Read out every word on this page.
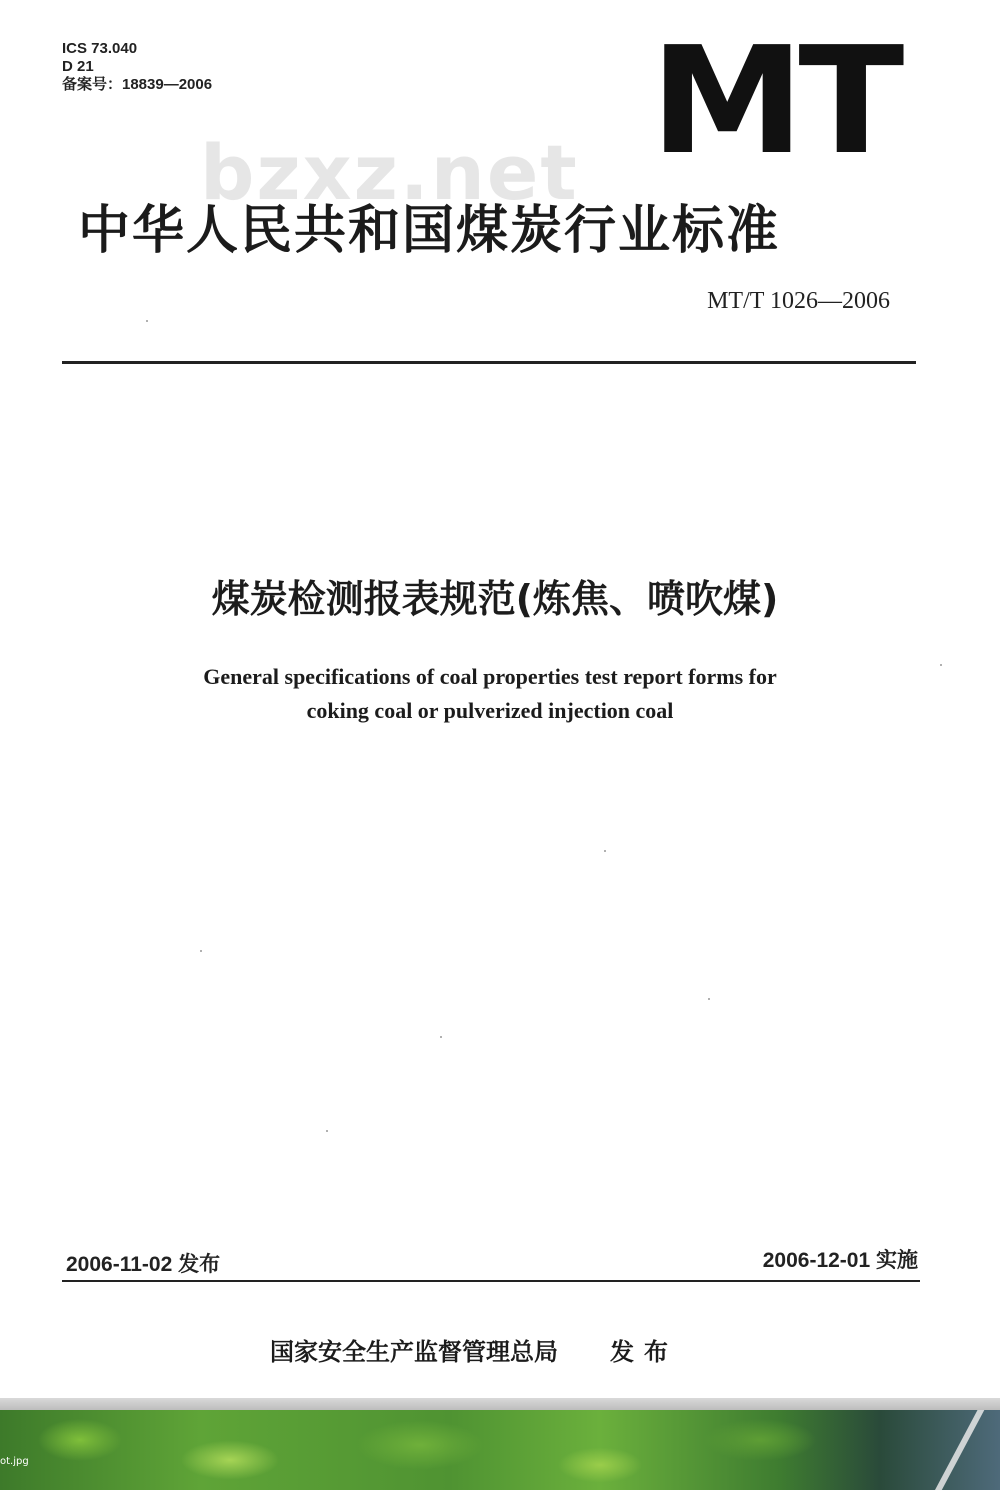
ICS 73.040
D 21
备案号：18839—2006	MT
bzxz.net
中华人民共和国煤炭行业标准
MT/T 1026—2006
煤炭检测报表规范(炼焦、喷吹煤)
General specifications of coal properties test report forms for
coking coal or pulverized injection coal
2006-11-02 发布	2006-12-01 实施
国家安全生产监督管理总局 发布
ot.jpg
